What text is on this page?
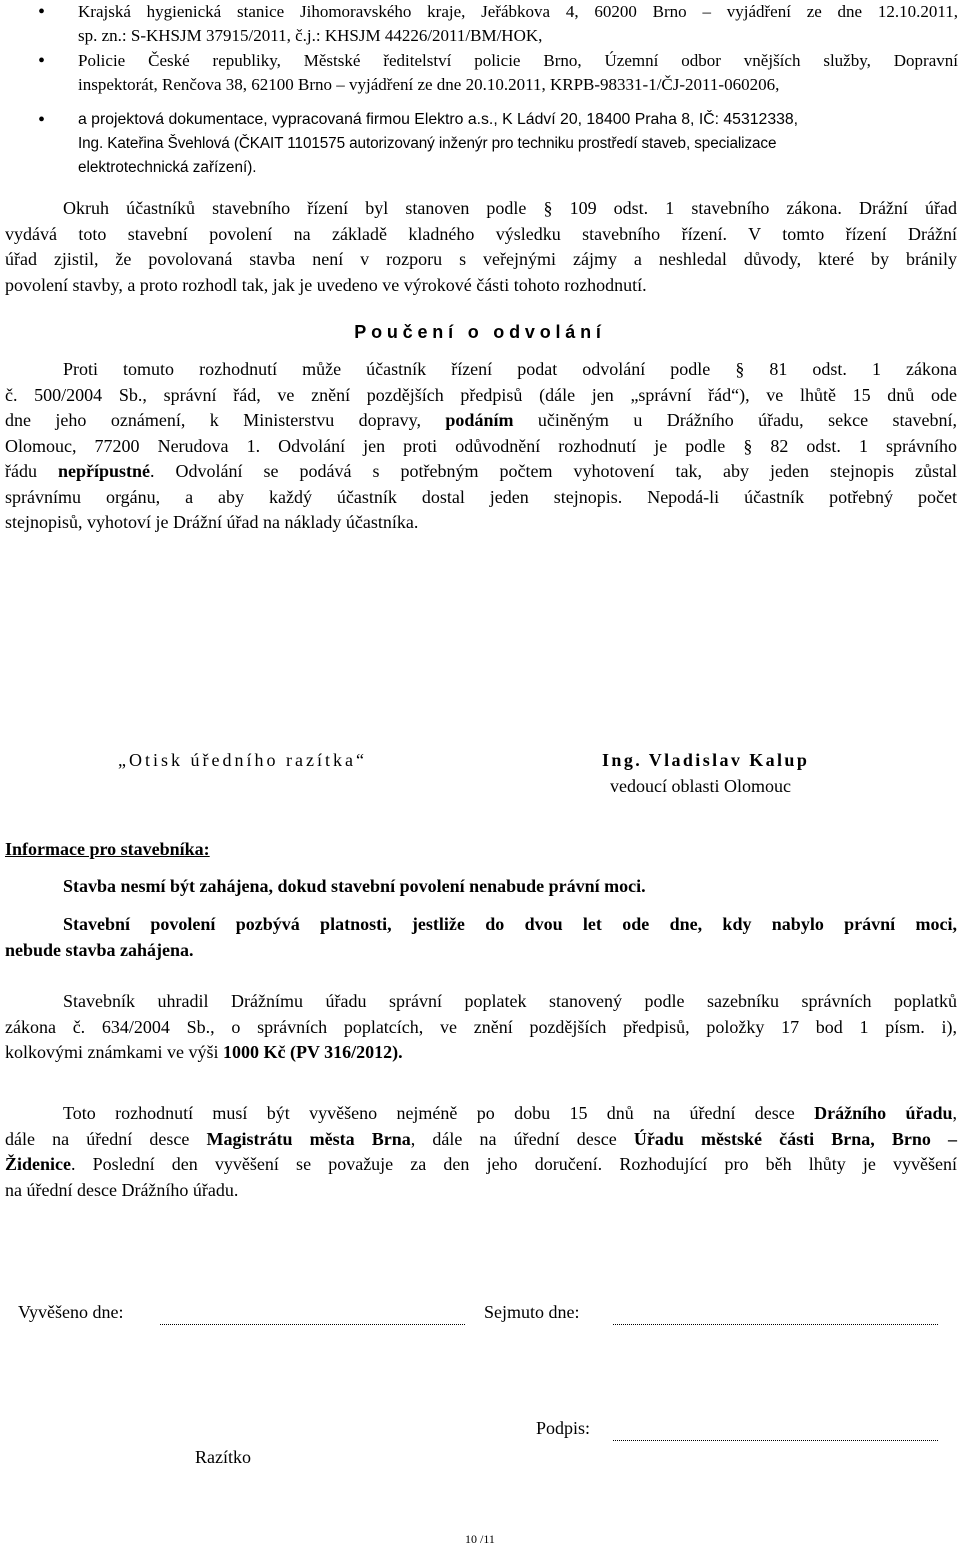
• Krajská hygienická stanice Jihomoravského kraje, Jeřábkova 4, 60200 Brno – vyjádření ze dne 12.10.2011,
sp. zn.: S-KHSJM 37915/2011, č.j.: KHSJM 44226/2011/BM/HOK,
• Policie České republiky, Městské ředitelství policie Brno, Územní odbor vnějších služby, Dopravní
inspektorát, Renčova 38, 62100 Brno – vyjádření ze dne 20.10.2011, KRPB-98331-1/ČJ-2011-060206,
• a projektová dokumentace, vypracovaná firmou Elektro a.s., K Ládví 20, 18400 Praha 8, IČ: 45312338,
Ing. Kateřina Švehlová (ČKAIT 1101575 autorizovaný inženýr pro techniku prostředí staveb, specializace
elektrotechnická zařízení).
Okruh účastníků stavebního řízení byl stanoven podle § 109 odst. 1 stavebního zákona. Drážní úřad
vydává toto stavební povolení na základě kladného výsledku stavebního řízení. V tomto řízení Drážní
úřad zjistil, že povolovaná stavba není v rozporu s veřejnými zájmy a neshledal důvody, které by bránily
povolení stavby, a proto rozhodl tak, jak je uvedeno ve výrokové části tohoto rozhodnutí.
Poučení o odvolání
Proti tomuto rozhodnutí může účastník řízení podat odvolání podle § 81 odst. 1 zákona
č. 500/2004 Sb., správní řád, ve znění pozdějších předpisů (dále jen „správní řád“), ve lhůtě 15 dnů ode
dne jeho oznámení, k Ministerstvu dopravy, podáním učiněným u Drážního úřadu, sekce stavební,
Olomouc, 77200 Nerudova 1. Odvolání jen proti odůvodnění rozhodnutí je podle § 82 odst. 1 správního
řádu nepřípustné. Odvolání se podává s potřebným počtem vyhotovení tak, aby jeden stejnopis zůstal
správnímu orgánu, a aby každý účastník dostal jeden stejnopis. Nepodá-li účastník potřebný počet
stejnopisů, vyhotoví je Drážní úřad na náklady účastníka.
„Otisk úředního razítka“	Ing. Vladislav Kalup
vedoucí oblasti Olomouc
Informace pro stavebníka:
Stavba nesmí být zahájena, dokud stavební povolení nenabude právní moci.
Stavební povolení pozbývá platnosti, jestliže do dvou let ode dne, kdy nabylo právní moci,
nebude stavba zahájena.
Stavebník uhradil Drážnímu úřadu správní poplatek stanovený podle sazebníku správních poplatků
zákona č. 634/2004 Sb., o správních poplatcích, ve znění pozdějších předpisů, položky 17 bod 1 písm. i),
kolkovými známkami ve výši 1000 Kč (PV 316/2012).
Toto rozhodnutí musí být vyvěšeno nejméně po dobu 15 dnů na úřední desce Drážního úřadu,
dále na úřední desce Magistrátu města Brna, dále na úřední desce Úřadu městské části Brna, Brno –
Židenice. Poslední den vyvěšení se považuje za den jeho doručení. Rozhodující pro běh lhůty je vyvěšení
na úřední desce Drážního úřadu.
Vyvěšeno dne:	Sejmuto dne:
Podpis:
Razítko
10 /11
